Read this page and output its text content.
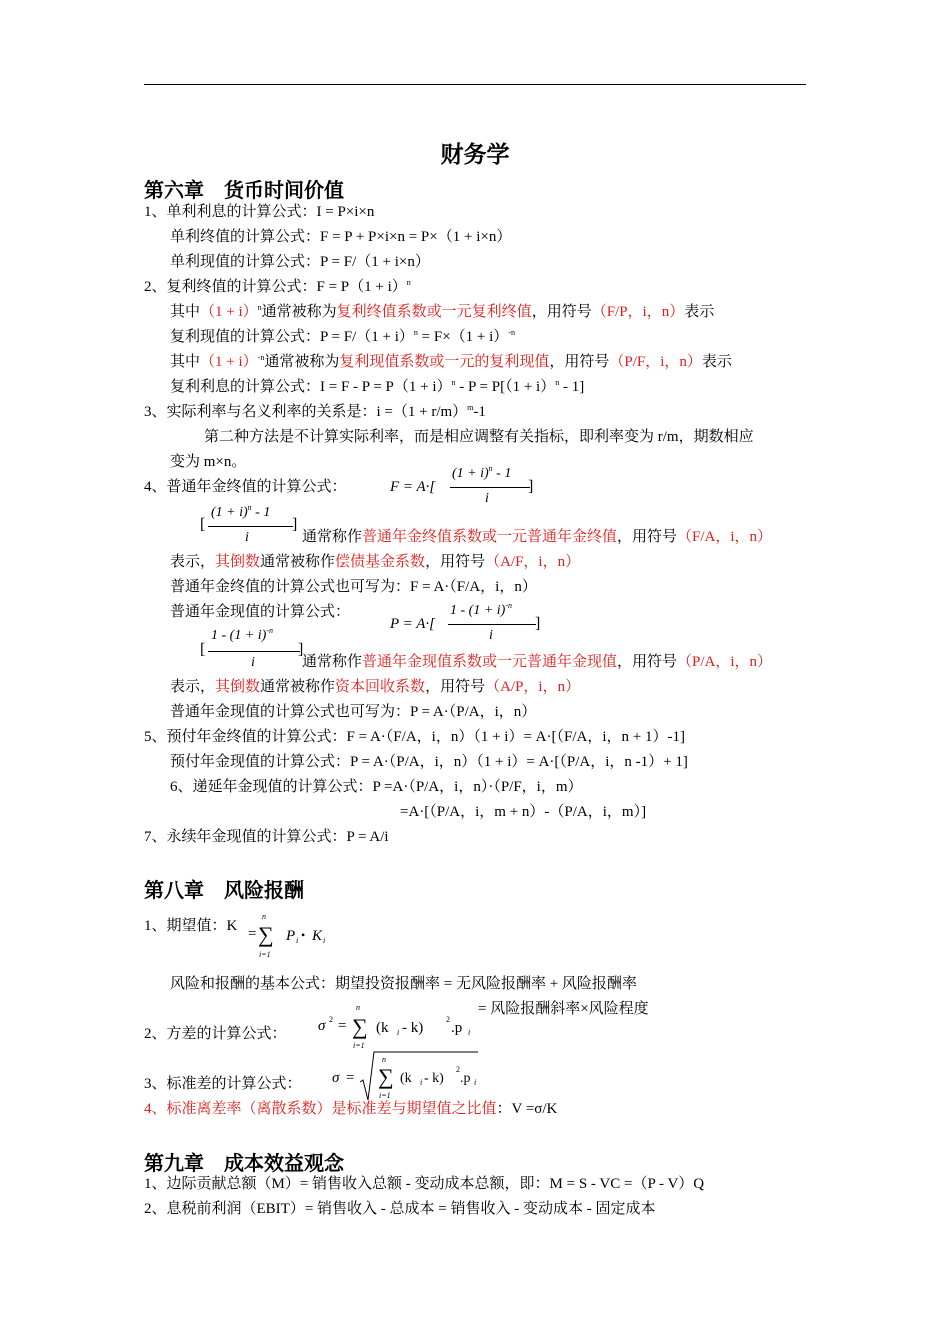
财务学
第六章　货币时间价值
1、单利利息的计算公式：I = P×i×n
单利终值的计算公式：F = P + P×i×n = P×（1 + i×n）
单利现值的计算公式：P = F/（1 + i×n）
2、复利终值的计算公式：$F = P(1 + i)^n$
其中$(1 + i)^n$通常被称为复利终值系数或一元复利终值，用符号（F/P，i，n）表示
复利现值的计算公式：$P = F/(1 + i)^n = F\times(1 + i)^{-n}$
其中$(1 + i)^{-n}$通常被称为复利现值系数或一元的复利现值，用符号（P/F，i，n）表示
复利利息的计算公式：$I = F - P = P(1 + i)^n - P = P[(1 + i)^n - 1]$
3、实际利率与名义利率的关系是：$i =(1 + r/m)^m-1$
第二种方法是不计算实际利率，而是相应调整有关指标，即利率变为 r/m，期数相应
变为 m×n。
4、普通年金终值的计算公式：	F = A·[
$(1 + i)^n - 1$
i
]
[
$(1 + i)^n - 1$
i
]
通常称作普通年金终值系数或一元普通年金终值，用符号（F/A，i，n）
表示，其倒数通常被称作偿债基金系数，用符号（A/F，i，n）
普通年金终值的计算公式也可写为：F = A·（F/A，i，n）
普通年金现值的计算公式：
P = A·[
$1 - (1 + i)^{-n}$
i
]
[
$1 - (1 + i)^{-n}$
i
]
通常称作普通年金现值系数或一元普通年金现值，用符号（P/A，i，n）
表示，其倒数通常被称作资本回收系数，用符号（A/P，i，n）
普通年金现值的计算公式也可写为：P = A·（P/A，i，n）
5、预付年金终值的计算公式：F = A·（F/A，i，n）（1 + i）= A·[（F/A，i，n + 1）-1]
预付年金现值的计算公式：P = A·（P/A，i，n）（1 + i）= A·[（P/A，i，n -1）+ 1]
6、递延年金现值的计算公式：P =A·（P/A，i，n）·（P/F，i，m）
=A·[（P/A，i，m + n）-（P/A，i，m）]
7、永续年金现值的计算公式：P = A/i
第八章　风险报酬
1、期望值：K =
n
∑
i=1
P i • K i
风险和报酬的基本公式：期望投资报酬率 = 无风险报酬率 + 风险报酬率
= 风险报酬斜率×风险程度
2、方差的计算公式： σ 2 =
n
∑
i=1
(k i - k)
2
.p i
3、标准差的计算公式： σ =
n
∑
i=1
(k i - k)
2
.p i
4、标准离差率（离散系数）是标准差与期望值之比值：V =σ/K
第九章　成本效益观念
1、边际贡献总额（M）= 销售收入总额 - 变动成本总额，即：M = S - VC =（P - V）Q
2、息税前利润（EBIT）= 销售收入 - 总成本 = 销售收入 - 变动成本 - 固定成本
